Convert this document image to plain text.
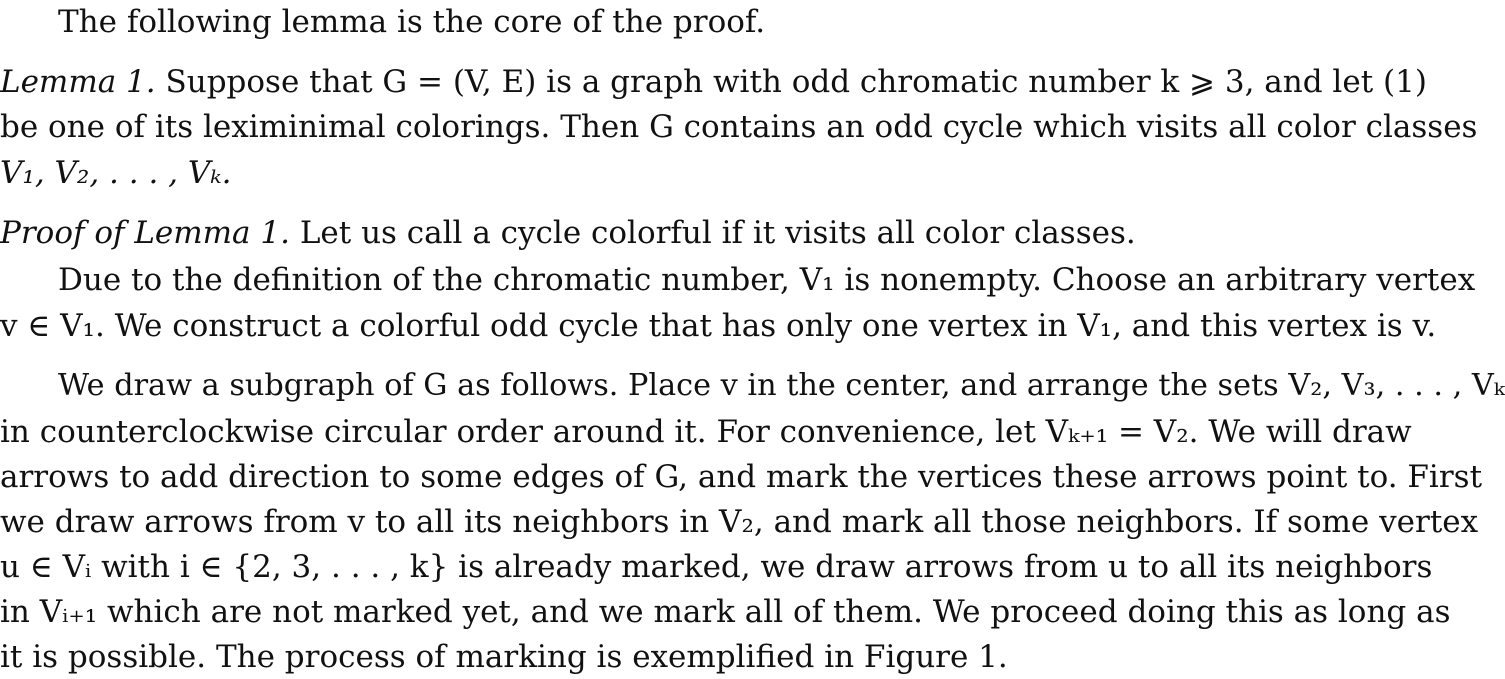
The following lemma is the core of the proof.
Lemma 1. Suppose that G = (V, E) is a graph with odd chromatic number k ⩾ 3, and let (1)
be one of its leximinimal colorings. Then G contains an odd cycle which visits all color classes
V₁, V₂, . . . , Vₖ.
Proof of Lemma 1. Let us call a cycle colorful if it visits all color classes.
Due to the definition of the chromatic number, V₁ is nonempty. Choose an arbitrary vertex
v ∈ V₁. We construct a colorful odd cycle that has only one vertex in V₁, and this vertex is v.
We draw a subgraph of G as follows. Place v in the center, and arrange the sets V₂, V₃, . . . , Vₖ
in counterclockwise circular order around it. For convenience, let Vₖ₊₁ = V₂. We will draw
arrows to add direction to some edges of G, and mark the vertices these arrows point to. First
we draw arrows from v to all its neighbors in V₂, and mark all those neighbors. If some vertex
u ∈ Vᵢ with i ∈ {2, 3, . . . , k} is already marked, we draw arrows from u to all its neighbors
in Vᵢ₊₁ which are not marked yet, and we mark all of them. We proceed doing this as long as
it is possible. The process of marking is exemplified in Figure 1.
